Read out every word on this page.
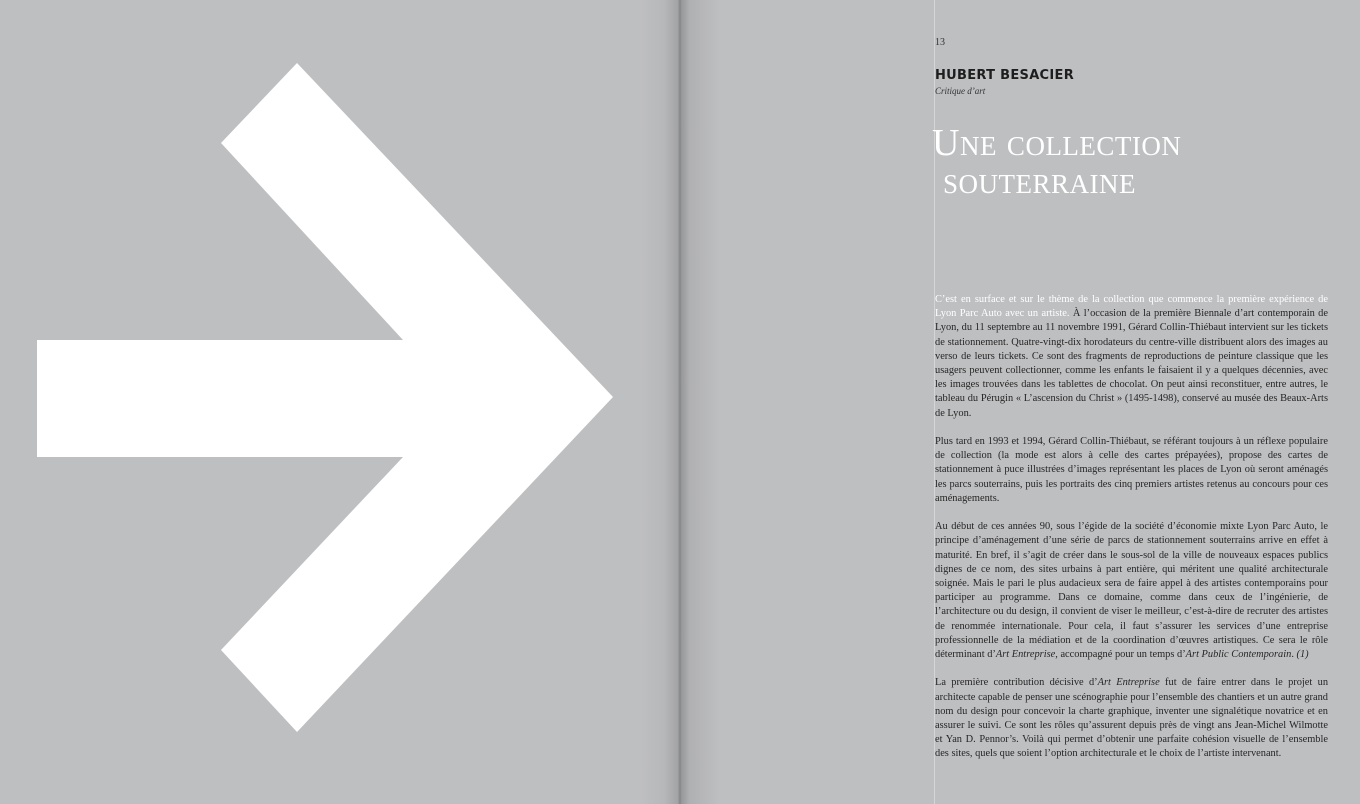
13
HUBERT BESACIER
Critique d’art
Une collection
souterraine

C’est en surface et sur le thème de la collection que commence la première expérience de Lyon Parc Auto avec un artiste. À l’occasion de la première Biennale d’art contemporain de Lyon, du 11 septembre au 11 novembre 1991, Gérard Collin-Thiébaut intervient sur les tickets de stationnement. Quatre-vingt-dix horodateurs du centre-ville distribuent alors des images au verso de leurs tickets. Ce sont des fragments de reproductions de peinture classique que les usagers peuvent collectionner, comme les enfants le faisaient il y a quelques décennies, avec les images trouvées dans les tablettes de chocolat. On peut ainsi reconstituer, entre autres, le tableau du Pérugin « L’ascension du Christ » (1495-1498), conservé au musée des Beaux-Arts de Lyon.

Plus tard en 1993 et 1994, Gérard Collin-Thiébaut, se référant toujours à un réflexe populaire de collection (la mode est alors à celle des cartes prépayées), propose des cartes de stationnement à puce illustrées d’images représentant les places de Lyon où seront aménagés les parcs souterrains, puis les portraits des cinq premiers artistes retenus au concours pour ces aménagements.

Au début de ces années 90, sous l’égide de la société d’économie mixte Lyon Parc Auto, le principe d’aménagement d’une série de parcs de stationnement souterrains arrive en effet à maturité. En bref, il s’agit de créer dans le sous-sol de la ville de nouveaux espaces publics dignes de ce nom, des sites urbains à part entière, qui méritent une qualité architecturale soignée. Mais le pari le plus audacieux sera de faire appel à des artistes contemporains pour participer au programme. Dans ce domaine, comme dans ceux de l’ingénierie, de l’architecture ou du design, il convient de viser le meilleur, c’est-à-dire de recruter des artistes de renommée internationale. Pour cela, il faut s’assurer les services d’une entreprise professionnelle de la médiation et de la coordination d’œuvres artistiques. Ce sera le rôle déterminant d’Art Entreprise, accompagné pour un temps d’Art Public Contemporain. (1)

La première contribution décisive d’Art Entreprise fut de faire entrer dans le projet un architecte capable de penser une scénographie pour l’ensemble des chantiers et un autre grand nom du design pour concevoir la charte graphique, inventer une signalétique novatrice et en assurer le suivi. Ce sont les rôles qu’assurent depuis près de vingt ans Jean-Michel Wilmotte et Yan D. Pennor’s. Voilà qui permet d’obtenir une parfaite cohésion visuelle de l’ensemble des sites, quels que soient l’option architecturale et le choix de l’artiste intervenant.
